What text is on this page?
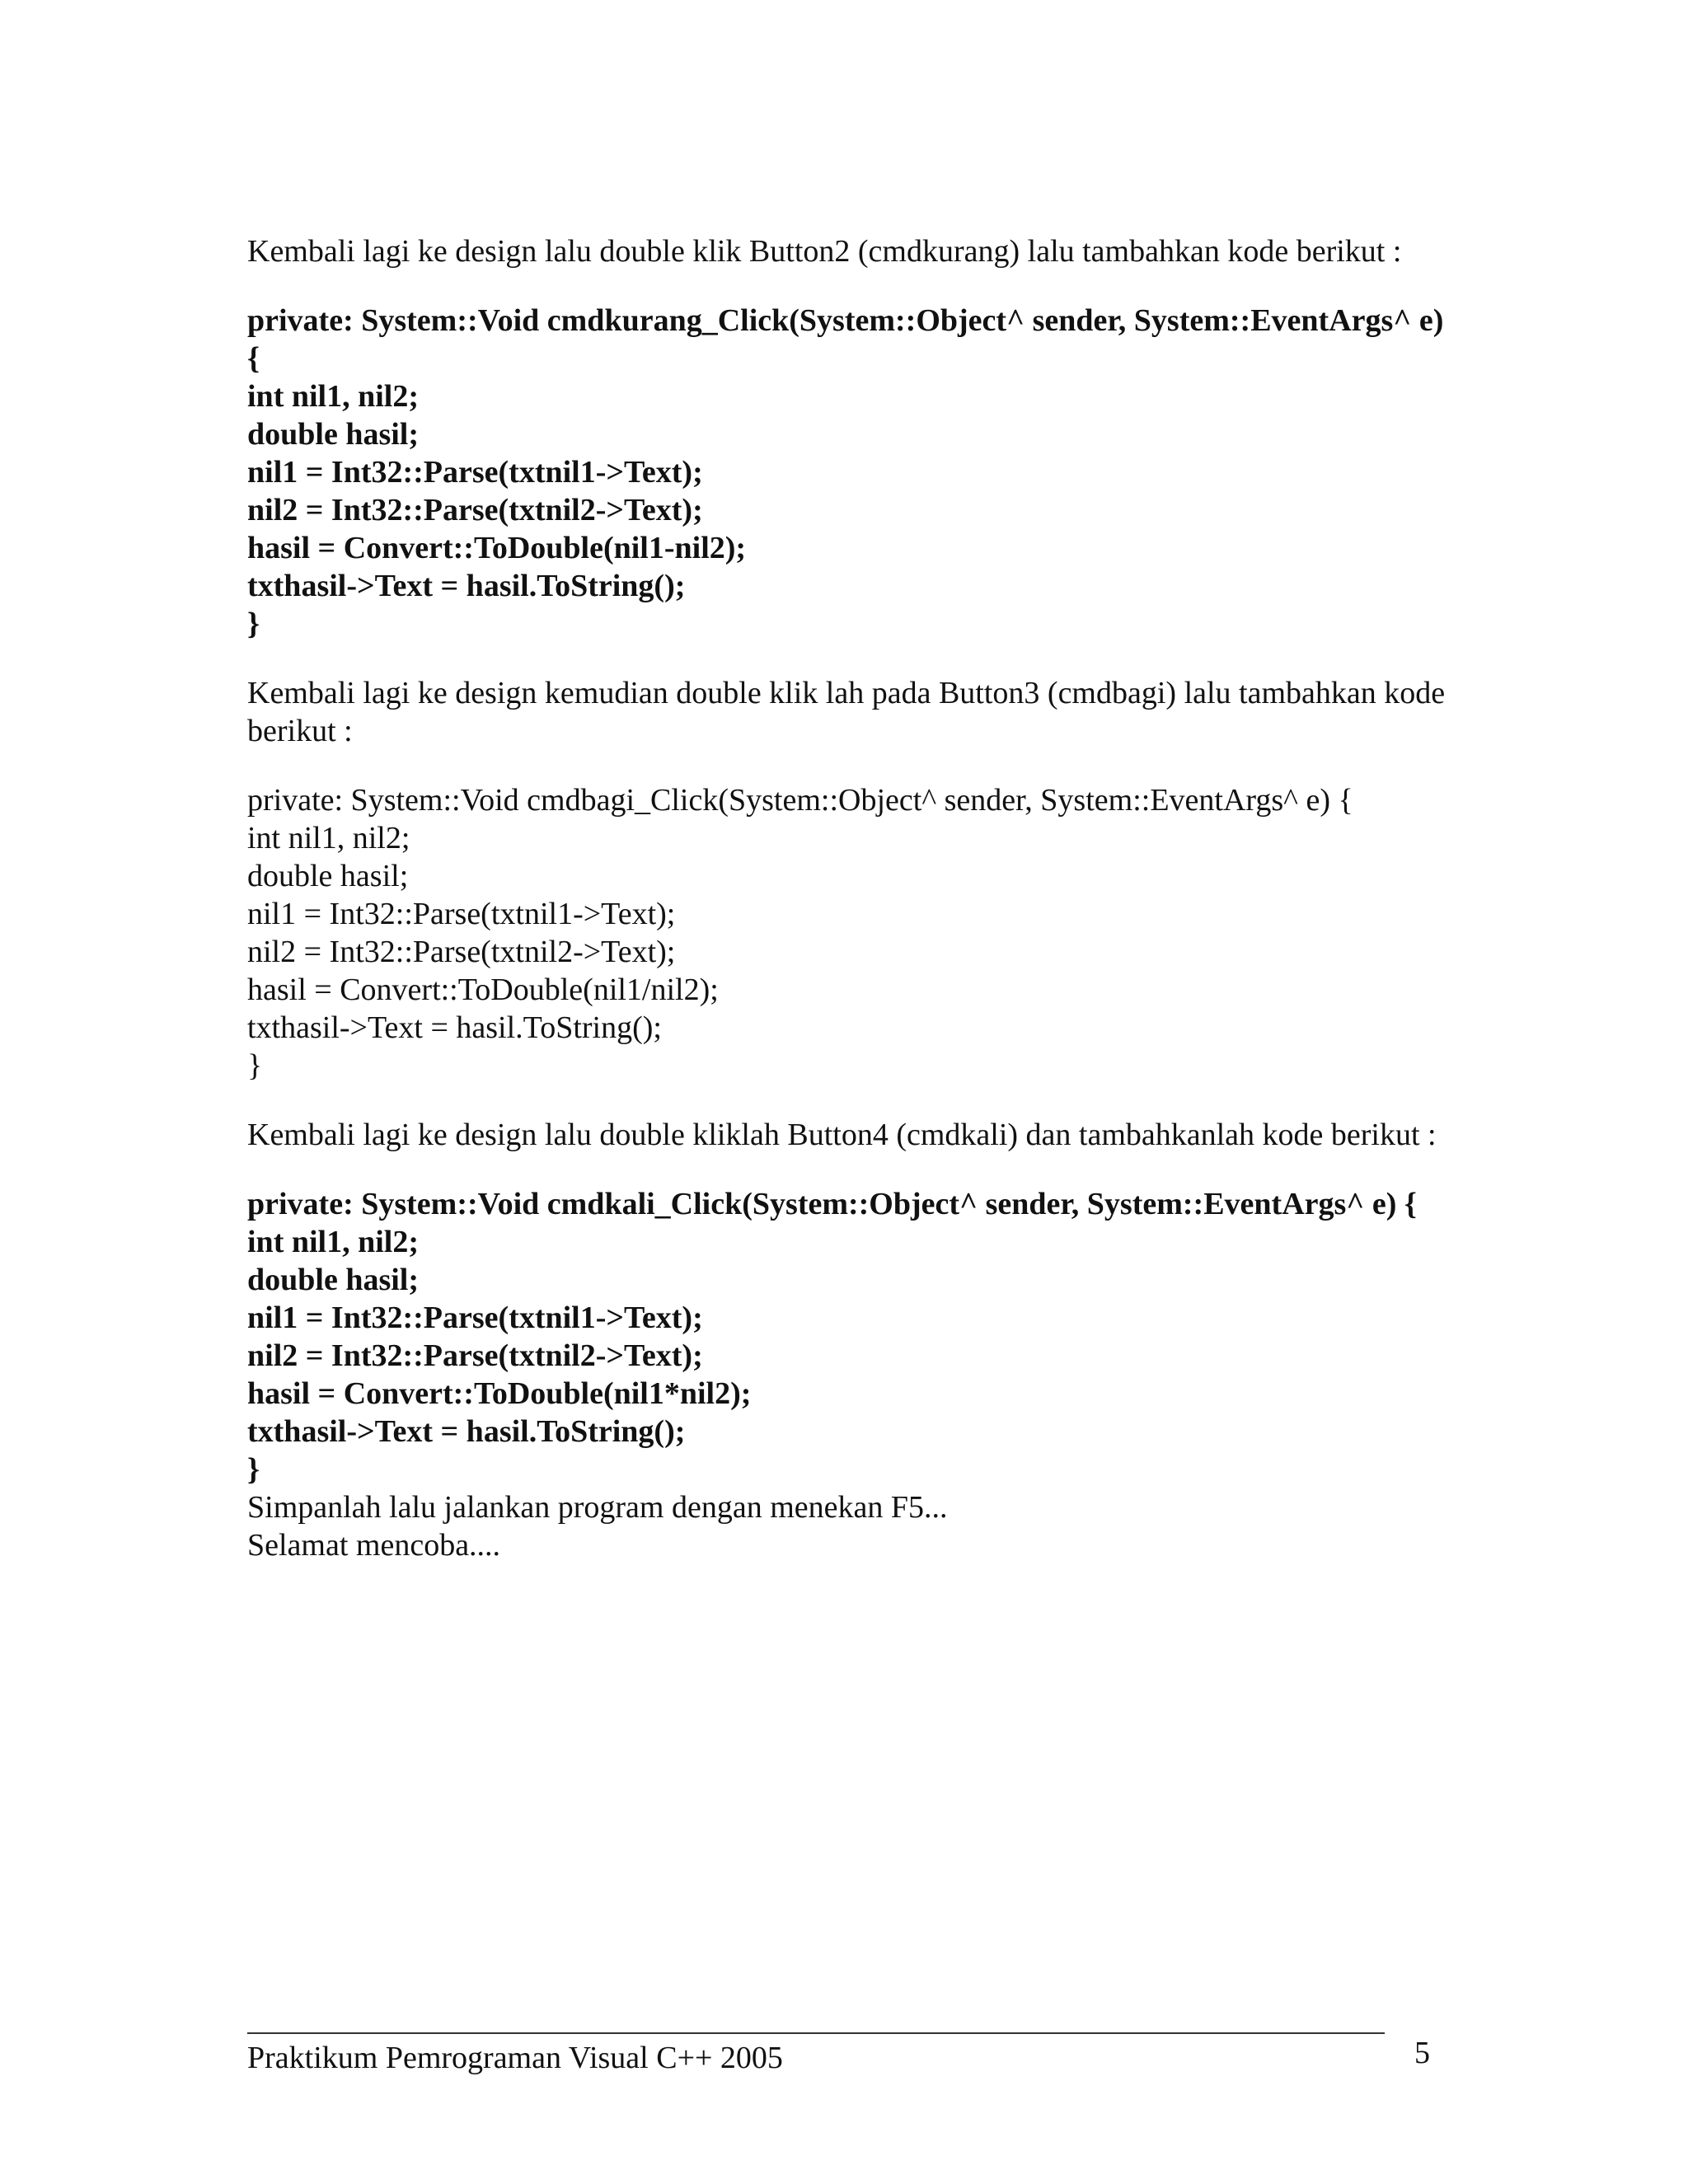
Kembali lagi ke design lalu double klik Button2 (cmdkurang) lalu tambahkan kode berikut :

private: System::Void cmdkurang_Click(System::Object^ sender, System::EventArgs^ e) {

int nil1, nil2;

double hasil;

nil1 = Int32::Parse(txtnil1->Text);

nil2 = Int32::Parse(txtnil2->Text);

hasil = Convert::ToDouble(nil1-nil2);

txthasil->Text = hasil.ToString();

}

Kembali lagi ke design kemudian double klik lah pada Button3 (cmdbagi) lalu tambahkan kode berikut :

private: System::Void cmdbagi_Click(System::Object^ sender, System::EventArgs^ e) {

int nil1, nil2;

double hasil;

nil1 = Int32::Parse(txtnil1->Text);

nil2 = Int32::Parse(txtnil2->Text);

hasil = Convert::ToDouble(nil1/nil2);

txthasil->Text = hasil.ToString();

}

Kembali lagi ke design lalu double kliklah Button4 (cmdkali) dan tambahkanlah kode berikut :

private: System::Void cmdkali_Click(System::Object^ sender, System::EventArgs^ e) {

int nil1, nil2;

double hasil;

nil1 = Int32::Parse(txtnil1->Text);

nil2 = Int32::Parse(txtnil2->Text);

hasil = Convert::ToDouble(nil1*nil2);

txthasil->Text = hasil.ToString();

}

Simpanlah lalu jalankan program dengan menekan F5...

Selamat mencoba....

Praktikum Pemrograman Visual C++ 2005	5
